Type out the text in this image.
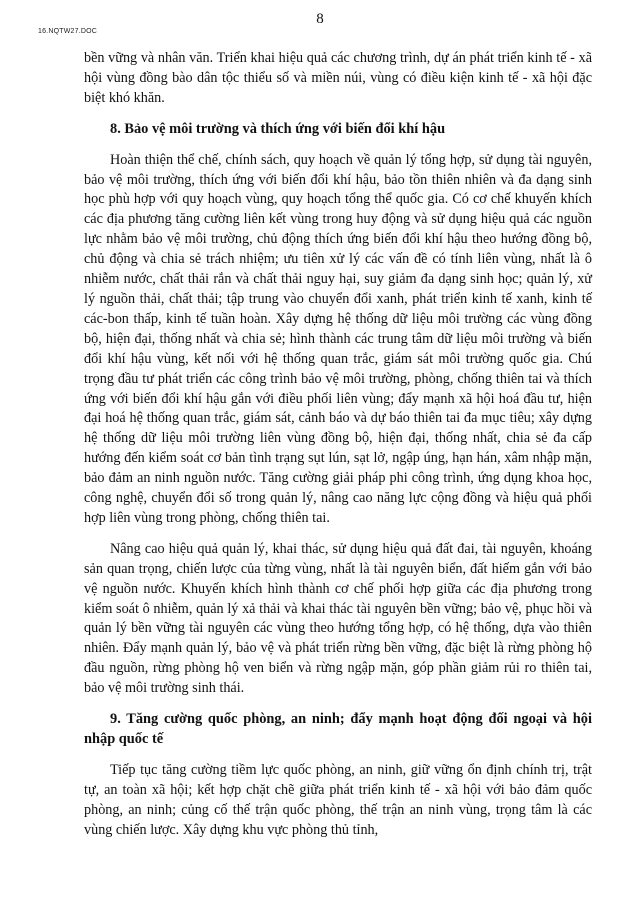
16.NQTW27.DOC
8

bền vững và nhân văn. Triển khai hiệu quả các chương trình, dự án phát triển kinh tế - xã hội vùng đồng bào dân tộc thiểu số và miền núi, vùng có điều kiện kinh tế - xã hội đặc biệt khó khăn.

8. Bảo vệ môi trường và thích ứng với biến đổi khí hậu

Hoàn thiện thể chế, chính sách, quy hoạch về quản lý tổng hợp, sử dụng tài nguyên, bảo vệ môi trường, thích ứng với biến đổi khí hậu, bảo tồn thiên nhiên và đa dạng sinh học phù hợp với quy hoạch vùng, quy hoạch tổng thể quốc gia. Có cơ chế khuyến khích các địa phương tăng cường liên kết vùng trong huy động và sử dụng hiệu quả các nguồn lực nhằm bảo vệ môi trường, chủ động thích ứng biến đổi khí hậu theo hướng đồng bộ, chủ động và chia sẻ trách nhiệm; ưu tiên xử lý các vấn đề có tính liên vùng, nhất là ô nhiễm nước, chất thải rắn và chất thải nguy hại, suy giảm đa dạng sinh học; quản lý, xử lý nguồn thải, chất thải; tập trung vào chuyển đổi xanh, phát triển kinh tế xanh, kinh tế các-bon thấp, kinh tế tuần hoàn. Xây dựng hệ thống dữ liệu môi trường các vùng đồng bộ, hiện đại, thống nhất và chia sẻ; hình thành các trung tâm dữ liệu môi trường và biến đổi khí hậu vùng, kết nối với hệ thống quan trắc, giám sát môi trường quốc gia. Chú trọng đầu tư phát triển các công trình bảo vệ môi trường, phòng, chống thiên tai và thích ứng với biến đổi khí hậu gắn với điều phối liên vùng; đẩy mạnh xã hội hoá đầu tư, hiện đại hoá hệ thống quan trắc, giám sát, cảnh báo và dự báo thiên tai đa mục tiêu; xây dựng hệ thống dữ liệu môi trường liên vùng đồng bộ, hiện đại, thống nhất, chia sẻ đa cấp hướng đến kiểm soát cơ bản tình trạng sụt lún, sạt lở, ngập úng, hạn hán, xâm nhập mặn, bảo đảm an ninh nguồn nước. Tăng cường giải pháp phi công trình, ứng dụng khoa học, công nghệ, chuyển đổi số trong quản lý, nâng cao năng lực cộng đồng và hiệu quả phối hợp liên vùng trong phòng, chống thiên tai.

Nâng cao hiệu quả quản lý, khai thác, sử dụng hiệu quả đất đai, tài nguyên, khoáng sản quan trọng, chiến lược của từng vùng, nhất là tài nguyên biển, đất hiếm gắn với bảo vệ nguồn nước. Khuyến khích hình thành cơ chế phối hợp giữa các địa phương trong kiểm soát ô nhiễm, quản lý xả thải và khai thác tài nguyên bền vững; bảo vệ, phục hồi và quản lý bền vững tài nguyên các vùng theo hướng tổng hợp, có hệ thống, dựa vào thiên nhiên. Đẩy mạnh quản lý, bảo vệ và phát triển rừng bền vững, đặc biệt là rừng phòng hộ đầu nguồn, rừng phòng hộ ven biển và rừng ngập mặn, góp phần giảm rủi ro thiên tai, bảo vệ môi trường sinh thái.

9. Tăng cường quốc phòng, an ninh; đẩy mạnh hoạt động đối ngoại và hội nhập quốc tế

Tiếp tục tăng cường tiềm lực quốc phòng, an ninh, giữ vững ổn định chính trị, trật tự, an toàn xã hội; kết hợp chặt chẽ giữa phát triển kinh tế - xã hội với bảo đảm quốc phòng, an ninh; củng cố thế trận quốc phòng, thế trận an ninh vùng, trọng tâm là các vùng chiến lược. Xây dựng khu vực phòng thủ tỉnh,
